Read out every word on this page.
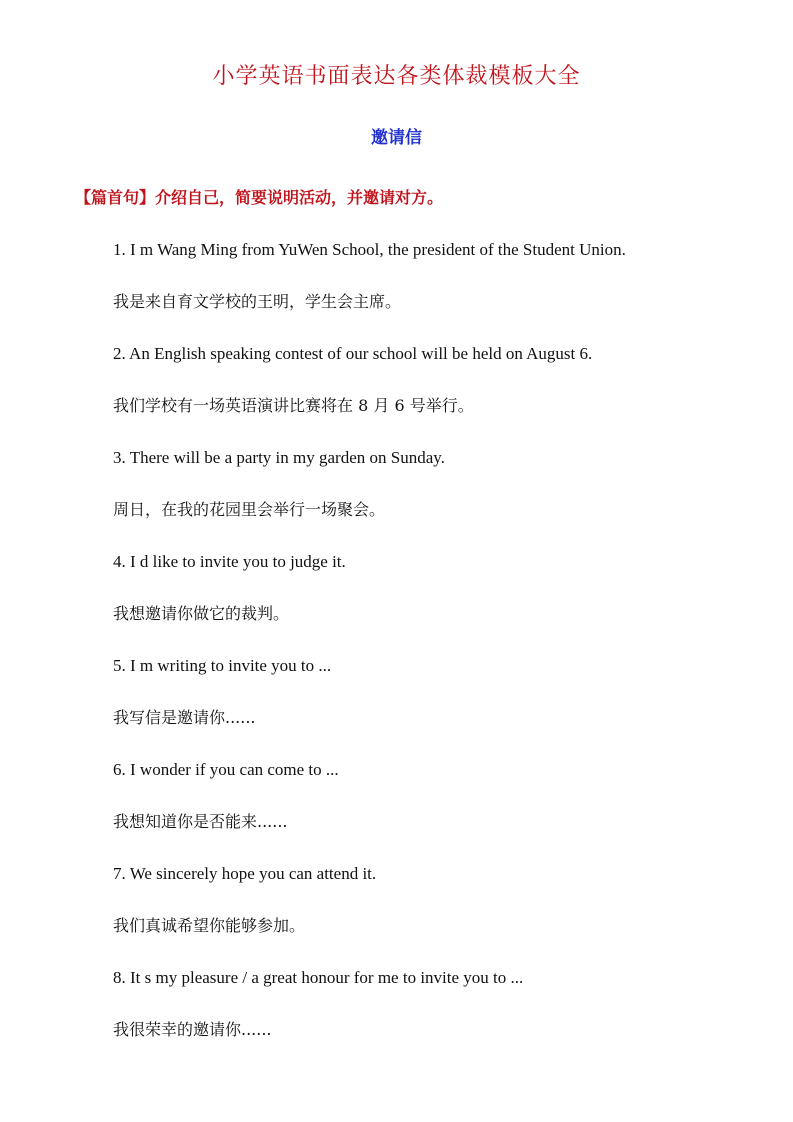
小学英语书面表达各类体裁模板大全
邀请信
【篇首句】介绍自己，简要说明活动，并邀请对方。
1. I m Wang Ming from YuWen School, the president of the Student Union.
我是来自育文学校的王明，学生会主席。
2. An English speaking contest of our school will be held on August 6.
我们学校有一场英语演讲比赛将在 8 月 6 号举行。
3. There will be a party in my garden on Sunday.
周日，在我的花园里会举行一场聚会。
4. I d like to invite you to judge it.
我想邀请你做它的裁判。
5. I m writing to invite you to ...
我写信是邀请你......
6. I wonder if you can come to ...
我想知道你是否能来......
7. We sincerely hope you can attend it.
我们真诚希望你能够参加。
8. It s my pleasure / a great honour for me to invite you to ...
我很荣幸的邀请你......
